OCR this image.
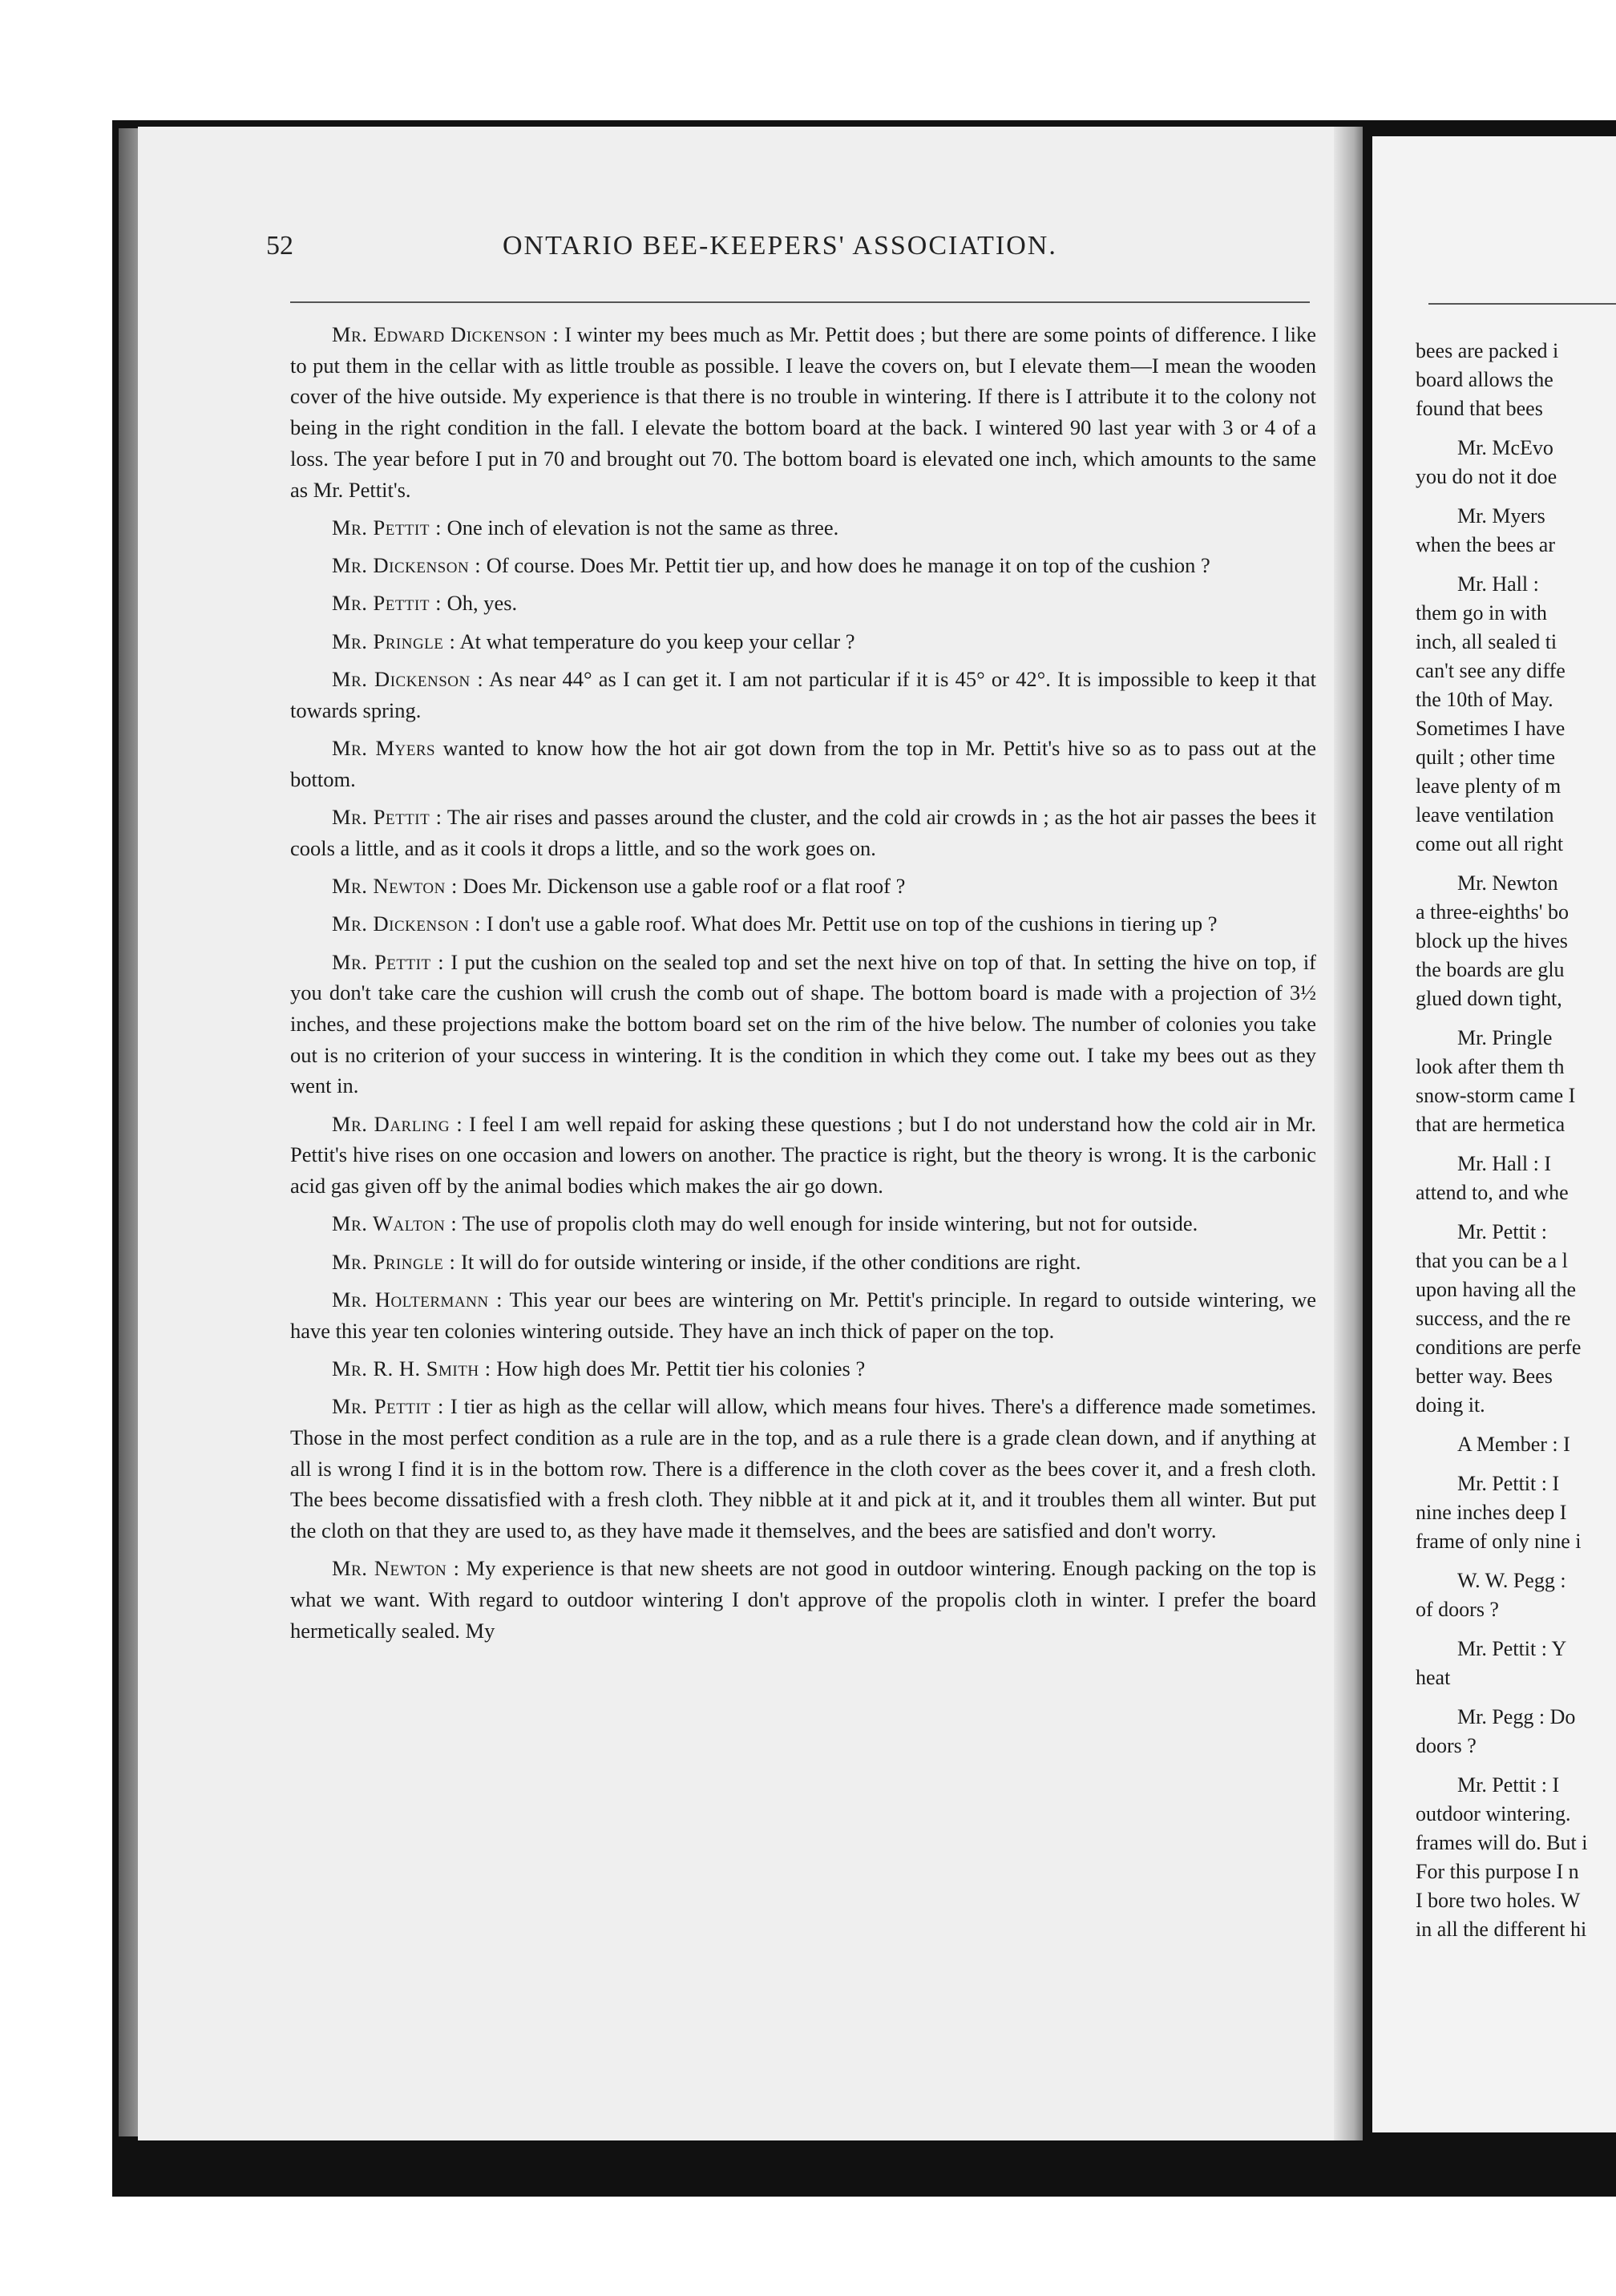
52	ONTARIO BEE-KEEPERS' ASSOCIATION.

Mr. Edward Dickenson : I winter my bees much as Mr. Pettit does ; but there are some points of difference. I like to put them in the cellar with as little trouble as possible. I leave the covers on, but I elevate them—I mean the wooden cover of the hive outside. My experience is that there is no trouble in wintering. If there is I attribute it to the colony not being in the right condition in the fall. I elevate the bottom board at the back. I wintered 90 last year with 3 or 4 of a loss. The year before I put in 70 and brought out 70. The bottom board is elevated one inch, which amounts to the same as Mr. Pettit's.

Mr. Pettit : One inch of elevation is not the same as three.

Mr. Dickenson : Of course. Does Mr. Pettit tier up, and how does he manage it on top of the cushion ?

Mr. Pettit : Oh, yes.

Mr. Pringle : At what temperature do you keep your cellar ?

Mr. Dickenson : As near 44° as I can get it. I am not particular if it is 45° or 42°. It is impossible to keep it that towards spring.

Mr. Myers wanted to know how the hot air got down from the top in Mr. Pettit's hive so as to pass out at the bottom.

Mr. Pettit : The air rises and passes around the cluster, and the cold air crowds in ; as the hot air passes the bees it cools a little, and as it cools it drops a little, and so the work goes on.

Mr. Newton : Does Mr. Dickenson use a gable roof or a flat roof ?

Mr. Dickenson : I don't use a gable roof. What does Mr. Pettit use on top of the cushions in tiering up ?

Mr. Pettit : I put the cushion on the sealed top and set the next hive on top of that. In setting the hive on top, if you don't take care the cushion will crush the comb out of shape. The bottom board is made with a projection of 3½ inches, and these projections make the bottom board set on the rim of the hive below. The number of colonies you take out is no criterion of your success in wintering. It is the condition in which they come out. I take my bees out as they went in.

Mr. Darling : I feel I am well repaid for asking these questions ; but I do not understand how the cold air in Mr. Pettit's hive rises on one occasion and lowers on another. The practice is right, but the theory is wrong. It is the carbonic acid gas given off by the animal bodies which makes the air go down.

Mr. Walton : The use of propolis cloth may do well enough for inside wintering, but not for outside.

Mr. Pringle : It will do for outside wintering or inside, if the other conditions are right.

Mr. Holtermann : This year our bees are wintering on Mr. Pettit's principle. In regard to outside wintering, we have this year ten colonies wintering outside. They have an inch thick of paper on the top.

Mr. R. H. Smith : How high does Mr. Pettit tier his colonies ?

Mr. Pettit : I tier as high as the cellar will allow, which means four hives. There's a difference made sometimes. Those in the most perfect condition as a rule are in the top, and as a rule there is a grade clean down, and if anything at all is wrong I find it is in the bottom row. There is a difference in the cloth cover as the bees cover it, and a fresh cloth. The bees become dissatisfied with a fresh cloth. They nibble at it and pick at it, and it troubles them all winter. But put the cloth on that they are used to, as they have made it themselves, and the bees are satisfied and don't worry.

Mr. Newton : My experience is that new sheets are not good in outdoor wintering. Enough packing on the top is what we want. With regard to outdoor wintering I don't approve of the propolis cloth in winter. I prefer the board hermetically sealed. My

bees are packed i
board allows the
found that bees
Mr. McEvo
you do not it doe
Mr. Myers
when the bees ar
Mr. Hall :
them go in with
inch, all sealed ti
can't see any diffe
the 10th of May.
Sometimes I have
quilt ; other time
leave plenty of m
leave ventilation
come out all right
Mr. Newton
a three-eighths' bo
block up the hives
the boards are glu
glued down tight,
Mr. Pringle
look after them th
snow-storm came I
that are hermetica
Mr. Hall : I
attend to, and whe
Mr. Pettit :
that you can be a l
upon having all the
success, and the re
conditions are perfe
better way. Bees
doing it.
A Member : I
Mr. Pettit : I
nine inches deep I
frame of only nine i
W. W. Pegg :
of doors ?
Mr. Pettit : Y
heat
Mr. Pegg : Do
doors ?
Mr. Pettit : I
outdoor wintering.
frames will do. But i
For this purpose I n
I bore two holes. W
in all the different hi
